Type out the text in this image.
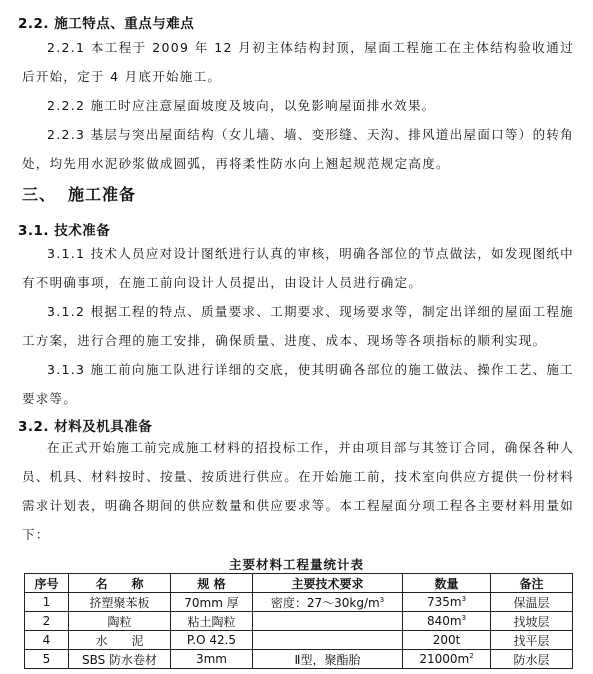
2.2. 施工特点、重点与难点

2.2.1 本工程于 2009 年 12 月初主体结构封顶，屋面工程施工在主体结构验收通过后开始，定于 4 月底开始施工。

2.2.2 施工时应注意屋面坡度及坡向，以免影响屋面排水效果。

2.2.3 基层与突出屋面结构（女儿墙、墙、变形缝、天沟、排风道出屋面口等）的转角处，均先用水泥砂浆做成圆弧，再将柔性防水向上翘起规范规定高度。

三、 施工准备
3.1. 技术准备

3.1.1 技术人员应对设计图纸进行认真的审核，明确各部位的节点做法，如发现图纸中有不明确事项，在施工前向设计人员提出，由设计人员进行确定。

3.1.2 根据工程的特点、质量要求、工期要求、现场要求等，制定出详细的屋面工程施工方案，进行合理的施工安排，确保质量、进度、成本、现场等各项指标的顺利实现。

3.1.3 施工前向施工队进行详细的交底，使其明确各部位的施工做法、操作工艺、施工要求等。

3.2. 材料及机具准备

在正式开始施工前完成施工材料的招投标工作，并由项目部与其签订合同，确保各种人员、机具、材料按时、按量、按质进行供应。在开始施工前，技术室向供应方提供一份材料需求计划表，明确各期间的供应数量和供应要求等。本工程屋面分项工程各主要材料用量如下：

主要材料工程量统计表
序号	名　　称	规 格	主要技术要求	数量	备注
1	挤塑聚苯板	70mm 厚	密度：$27\sim 30kg/m^3$	$735m^3$	保温层
2	陶粒	粘土陶粒		$840m^3$	找坡层
4	水　　泥	P.O 42.5		200t	找平层
5	SBS 防水卷材	3mm	Ⅱ型，聚酯胎	$21000m^2$	防水层
